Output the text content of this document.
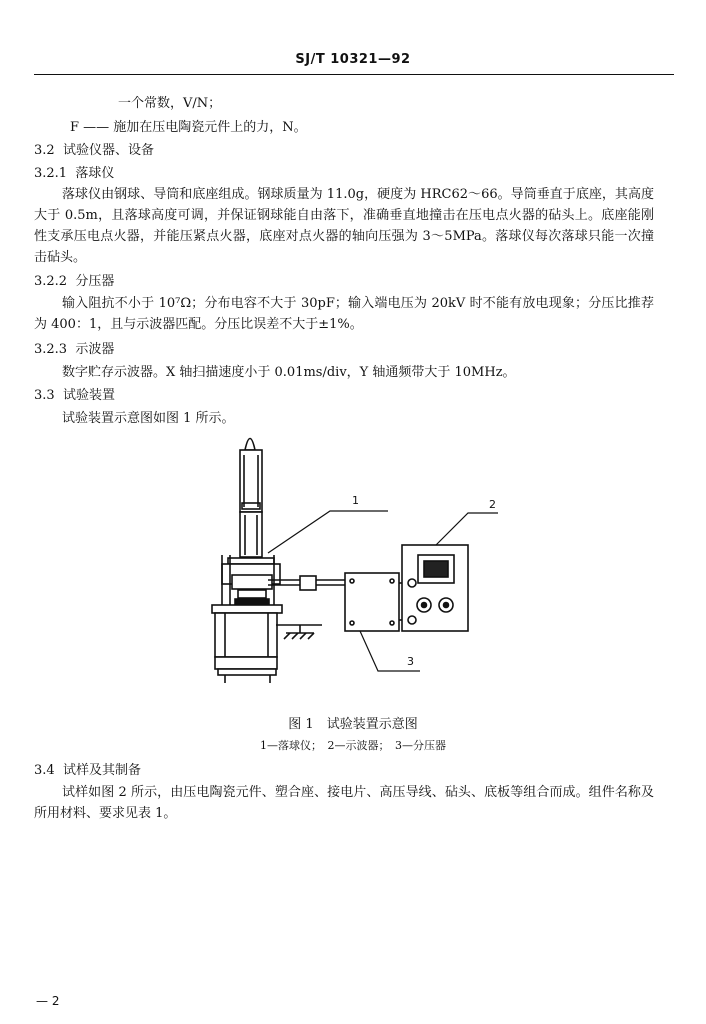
SJ/T 10321—92
一个常数，V/N；
F —— 施加在压电陶瓷元件上的力，N。
3.2 试验仪器、设备
3.2.1 落球仪
落球仪由钢球、导筒和底座组成。钢球质量为 11.0g，硬度为 HRC62～66。导筒垂直于底座，其高度大于 0.5m，且落球高度可调，并保证钢球能自由落下，准确垂直地撞击在压电点火器的砧头上。底座能刚性支承压电点火器，并能压紧点火器，底座对点火器的轴向压强为 3～5MPa。落球仪每次落球只能一次撞击砧头。
3.2.2 分压器
输入阻抗不小于 10⁷Ω；分布电容不大于 30pF；输入端电压为 20kV 时不能有放电现象；分压比推荐为 400：1，且与示波器匹配。分压比误差不大于±1%。
3.2.3 示波器
数字贮存示波器。X 轴扫描速度小于 0.01ms/div，Y 轴通频带大于 10MHz。
3.3 试验装置
试验装置示意图如图 1 所示。
1	2
3
图 1　试验装置示意图
1—落球仪；　2—示波器；　3—分压器
3.4 试样及其制备
试样如图 2 所示，由压电陶瓷元件、塑合座、接电片、高压导线、砧头、底板等组合而成。组件名称及所用材料、要求见表 1。
— 2
